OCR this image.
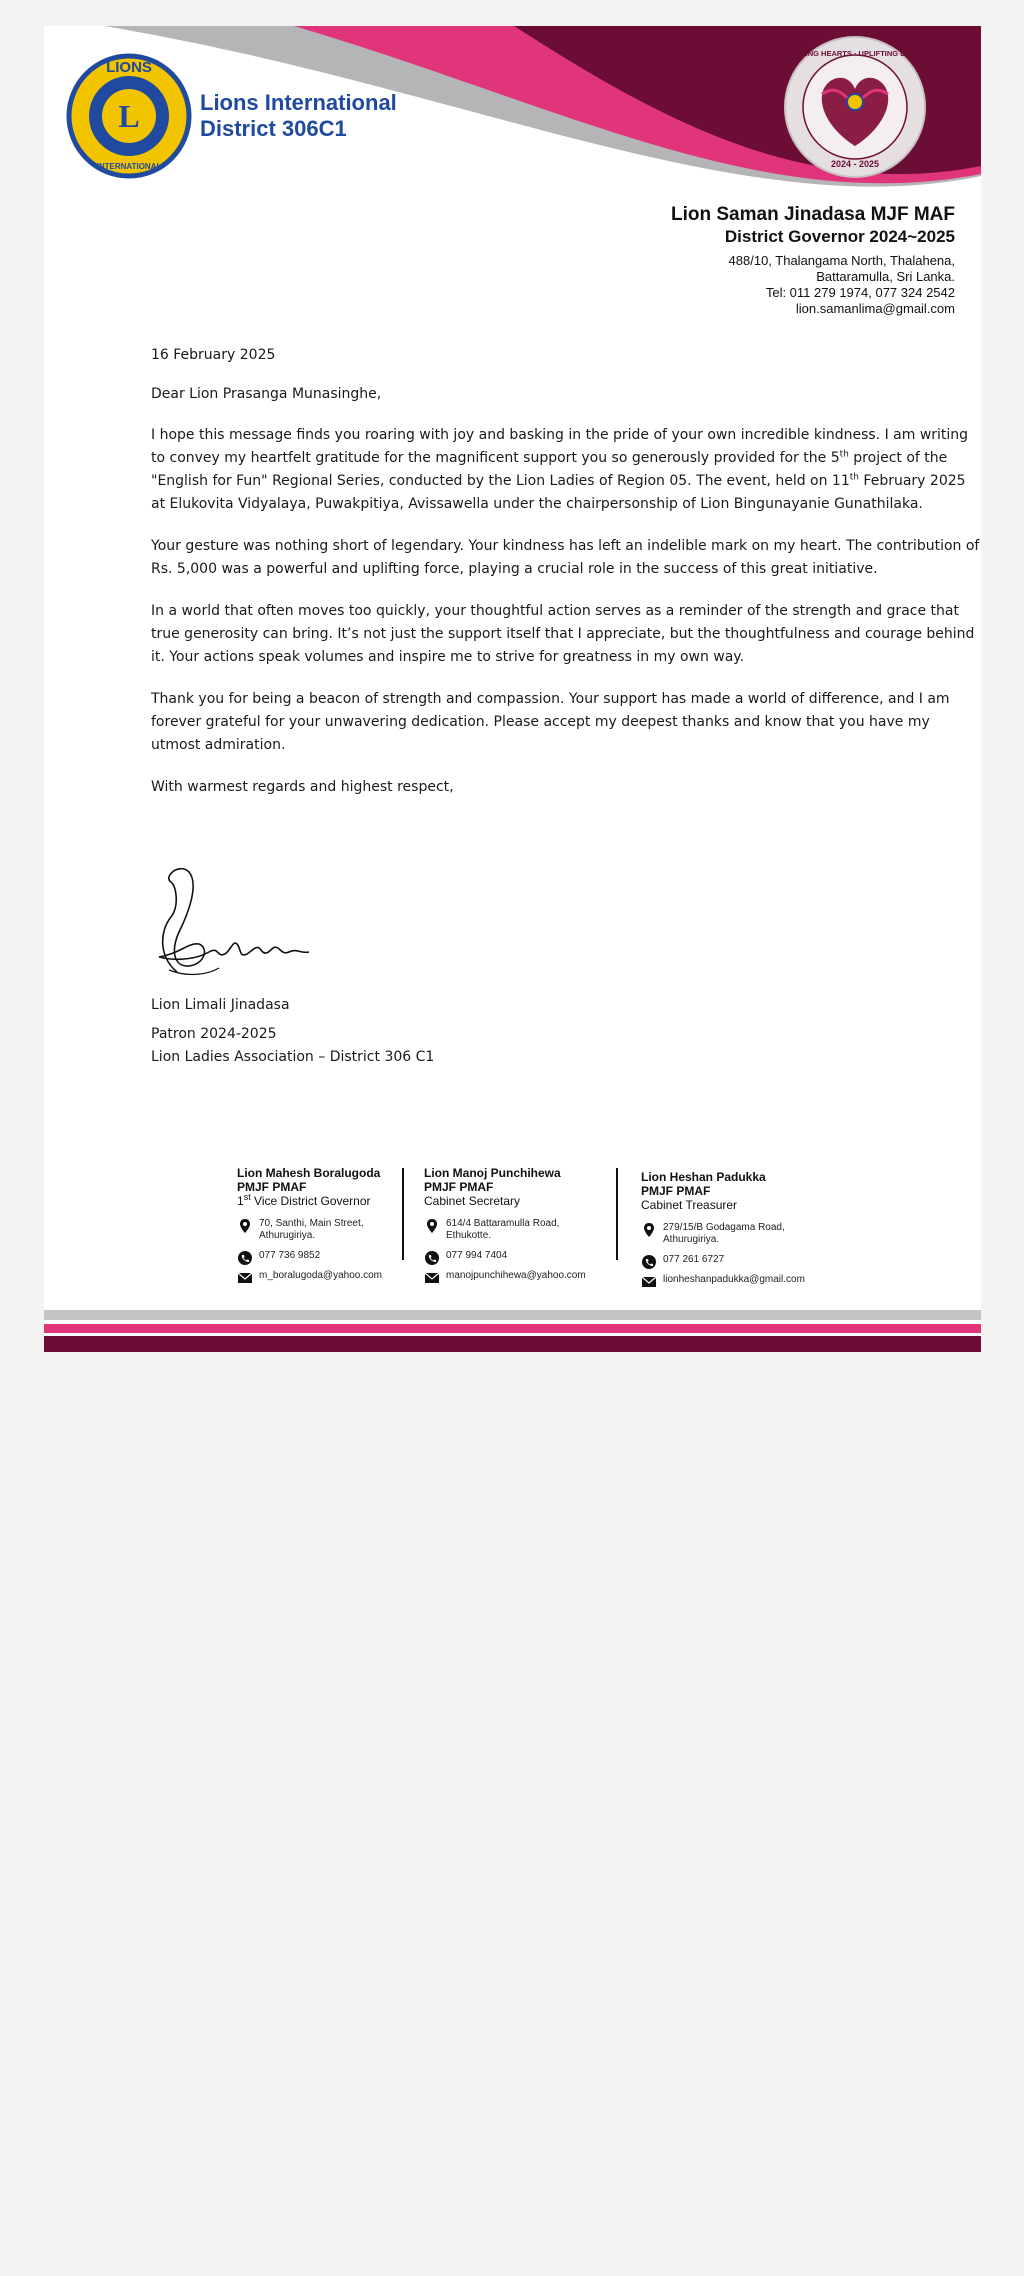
L
LIONS
INTERNATIONAL
Lions International
District 306C1
UNITING HEARTS · UPLIFTING LIVES
2024 - 2025
Lion Saman Jinadasa MJF MAF
District Governor 2024~2025
488/10, Thalangama North, Thalahena,
Battaramulla, Sri Lanka.
Tel: 011 279 1974, 077 324 2542
lion.samanlima@gmail.com

16 February 2025

Dear Lion Prasanga Munasinghe,

I hope this message finds you roaring with joy and basking in the pride of your own incredible kindness. I am writing to convey my heartfelt gratitude for the magnificent support you so generously provided for the 5th project of the "English for Fun" Regional Series, conducted by the Lion Ladies of Region 05. The event, held on 11th February 2025 at Elukovita Vidyalaya, Puwakpitiya, Avissawella under the chairpersonship of Lion Bingunayanie Gunathilaka.

Your gesture was nothing short of legendary. Your kindness has left an indelible mark on my heart. The contribution of Rs. 5,000 was a powerful and uplifting force, playing a crucial role in the success of this great initiative.

In a world that often moves too quickly, your thoughtful action serves as a reminder of the strength and grace that true generosity can bring. It’s not just the support itself that I appreciate, but the thoughtfulness and courage behind it. Your actions speak volumes and inspire me to strive for greatness in my own way.

Thank you for being a beacon of strength and compassion. Your support has made a world of difference, and I am forever grateful for your unwavering dedication. Please accept my deepest thanks and know that you have my utmost admiration.

With warmest regards and highest respect,

Lion Limali Jinadasa
Patron 2024-2025
Lion Ladies Association – District 306 C1
Lion Mahesh Boralugoda
PMJF PMAF
1st Vice District Governor
70, Santhi, Main Street,
Athurugiriya.
077 736 9852
m_boralugoda@yahoo.com
Lion Manoj Punchihewa
PMJF PMAF
Cabinet Secretary
614/4 Battaramulla Road,
Ethukotte.
077 994 7404
manojpunchihewa@yahoo.com
Lion Heshan Padukka
PMJF PMAF
Cabinet Treasurer
279/15/B Godagama Road,
Athurugiriya.
077 261 6727
lionheshanpadukka@gmail.com
